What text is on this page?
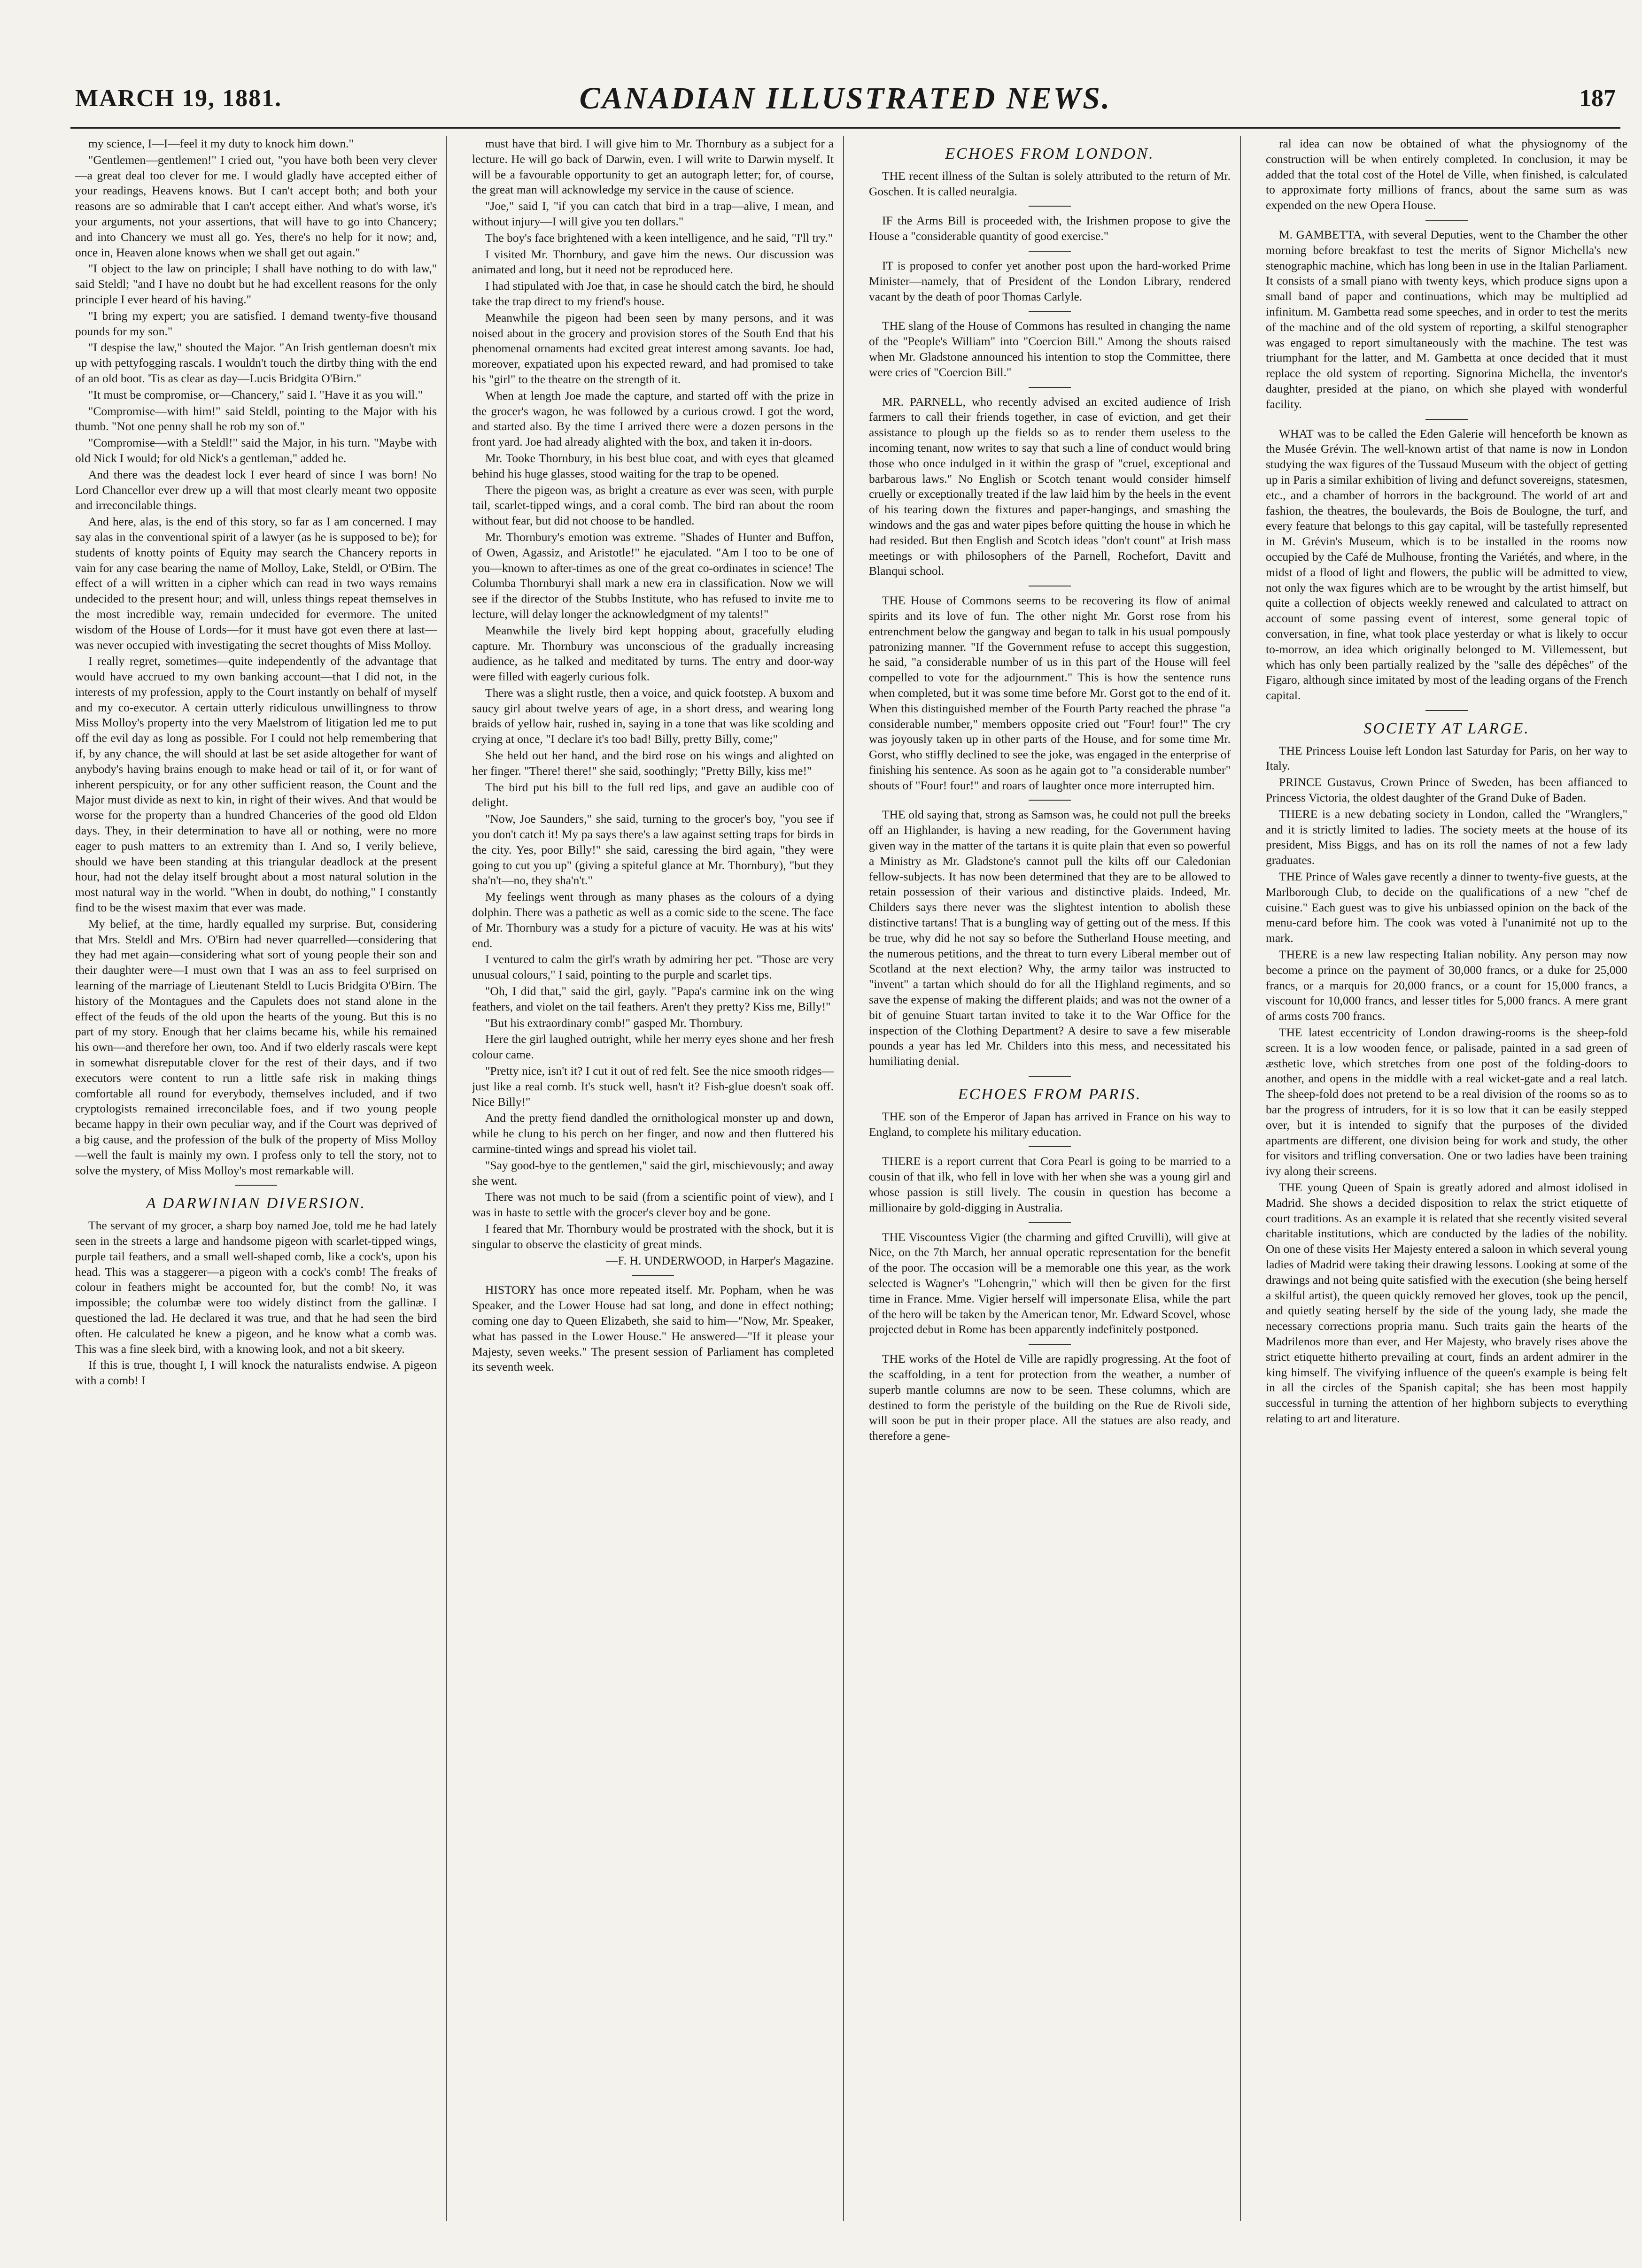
MARCH 19, 1881.	CANADIAN ILLUSTRATED NEWS.	187

my science, I—I—feel it my duty to knock him down."

"Gentlemen—gentlemen!" I cried out, "you have both been very clever—a great deal too clever for me. I would gladly have accepted either of your readings, Heavens knows. But I can't accept both; and both your reasons are so admirable that I can't accept either. And what's worse, it's your arguments, not your assertions, that will have to go into Chancery; and into Chancery we must all go. Yes, there's no help for it now; and, once in, Heaven alone knows when we shall get out again."

"I object to the law on principle; I shall have nothing to do with law," said Steldl; "and I have no doubt but he had excellent reasons for the only principle I ever heard of his having."

"I bring my expert; you are satisfied. I demand twenty-five thousand pounds for my son."

"I despise the law," shouted the Major. "An Irish gentleman doesn't mix up with pettyfogging rascals. I wouldn't touch the dirtby thing with the end of an old boot. 'Tis as clear as day—Lucis Bridgita O'Birn."

"It must be compromise, or—Chancery," said I. "Have it as you will."

"Compromise—with him!" said Steldl, pointing to the Major with his thumb. "Not one penny shall he rob my son of."

"Compromise—with a Steldl!" said the Major, in his turn. "Maybe with old Nick I would; for old Nick's a gentleman," added he.

And there was the deadest lock I ever heard of since I was born! No Lord Chancellor ever drew up a will that most clearly meant two opposite and irreconcilable things.

And here, alas, is the end of this story, so far as I am concerned. I may say alas in the conventional spirit of a lawyer (as he is supposed to be); for students of knotty points of Equity may search the Chancery reports in vain for any case bearing the name of Molloy, Lake, Steldl, or O'Birn. The effect of a will written in a cipher which can read in two ways remains undecided to the present hour; and will, unless things repeat themselves in the most incredible way, remain undecided for evermore. The united wisdom of the House of Lords—for it must have got even there at last—was never occupied with investigating the secret thoughts of Miss Molloy.

I really regret, sometimes—quite independently of the advantage that would have accrued to my own banking account—that I did not, in the interests of my profession, apply to the Court instantly on behalf of myself and my co-executor. A certain utterly ridiculous unwillingness to throw Miss Molloy's property into the very Maelstrom of litigation led me to put off the evil day as long as possible. For I could not help remembering that if, by any chance, the will should at last be set aside altogether for want of anybody's having brains enough to make head or tail of it, or for want of inherent perspicuity, or for any other sufficient reason, the Count and the Major must divide as next to kin, in right of their wives. And that would be worse for the property than a hundred Chanceries of the good old Eldon days. They, in their determination to have all or nothing, were no more eager to push matters to an extremity than I. And so, I verily believe, should we have been standing at this triangular deadlock at the present hour, had not the delay itself brought about a most natural solution in the most natural way in the world. "When in doubt, do nothing," I constantly find to be the wisest maxim that ever was made.

My belief, at the time, hardly equalled my surprise. But, considering that Mrs. Steldl and Mrs. O'Birn had never quarrelled—considering that they had met again—considering what sort of young people their son and their daughter were—I must own that I was an ass to feel surprised on learning of the marriage of Lieutenant Steldl to Lucis Bridgita O'Birn. The history of the Montagues and the Capulets does not stand alone in the effect of the feuds of the old upon the hearts of the young. But this is no part of my story. Enough that her claims became his, while his remained his own—and therefore her own, too. And if two elderly rascals were kept in somewhat disreputable clover for the rest of their days, and if two executors were content to run a little safe risk in making things comfortable all round for everybody, themselves included, and if two cryptologists remained irreconcilable foes, and if two young people became happy in their own peculiar way, and if the Court was deprived of a big cause, and the profession of the bulk of the property of Miss Molloy—well the fault is mainly my own. I profess only to tell the story, not to solve the mystery, of Miss Molloy's most remarkable will.

A DARWINIAN DIVERSION.

The servant of my grocer, a sharp boy named Joe, told me he had lately seen in the streets a large and handsome pigeon with scarlet-tipped wings, purple tail feathers, and a small well-shaped comb, like a cock's, upon his head. This was a staggerer—a pigeon with a cock's comb! The freaks of colour in feathers might be accounted for, but the comb! No, it was impossible; the columbæ were too widely distinct from the gallinæ. I questioned the lad. He declared it was true, and that he had seen the bird often. He calculated he knew a pigeon, and he know what a comb was. This was a fine sleek bird, with a knowing look, and not a bit skeery.

If this is true, thought I, I will knock the naturalists endwise. A pigeon with a comb! I

must have that bird. I will give him to Mr. Thornbury as a subject for a lecture. He will go back of Darwin, even. I will write to Darwin myself. It will be a favourable opportunity to get an autograph letter; for, of course, the great man will acknowledge my service in the cause of science.

"Joe," said I, "if you can catch that bird in a trap—alive, I mean, and without injury—I will give you ten dollars."

The boy's face brightened with a keen intelligence, and he said, "I'll try."

I visited Mr. Thornbury, and gave him the news. Our discussion was animated and long, but it need not be reproduced here.

I had stipulated with Joe that, in case he should catch the bird, he should take the trap direct to my friend's house.

Meanwhile the pigeon had been seen by many persons, and it was noised about in the grocery and provision stores of the South End that his phenomenal ornaments had excited great interest among savants. Joe had, moreover, expatiated upon his expected reward, and had promised to take his "girl" to the theatre on the strength of it.

When at length Joe made the capture, and started off with the prize in the grocer's wagon, he was followed by a curious crowd. I got the word, and started also. By the time I arrived there were a dozen persons in the front yard. Joe had already alighted with the box, and taken it in-doors.

Mr. Tooke Thornbury, in his best blue coat, and with eyes that gleamed behind his huge glasses, stood waiting for the trap to be opened.

There the pigeon was, as bright a creature as ever was seen, with purple tail, scarlet-tipped wings, and a coral comb. The bird ran about the room without fear, but did not choose to be handled.

Mr. Thornbury's emotion was extreme. "Shades of Hunter and Buffon, of Owen, Agassiz, and Aristotle!" he ejaculated. "Am I too to be one of you—known to after-times as one of the great co-ordinates in science! The Columba Thornburyi shall mark a new era in classification. Now we will see if the director of the Stubbs Institute, who has refused to invite me to lecture, will delay longer the acknowledgment of my talents!"

Meanwhile the lively bird kept hopping about, gracefully eluding capture. Mr. Thornbury was unconscious of the gradually increasing audience, as he talked and meditated by turns. The entry and door-way were filled with eagerly curious folk.

There was a slight rustle, then a voice, and quick footstep. A buxom and saucy girl about twelve years of age, in a short dress, and wearing long braids of yellow hair, rushed in, saying in a tone that was like scolding and crying at once, "I declare it's too bad! Billy, pretty Billy, come;"

She held out her hand, and the bird rose on his wings and alighted on her finger. "There! there!" she said, soothingly; "Pretty Billy, kiss me!"

The bird put his bill to the full red lips, and gave an audible coo of delight.

"Now, Joe Saunders," she said, turning to the grocer's boy, "you see if you don't catch it! My pa says there's a law against setting traps for birds in the city. Yes, poor Billy!" she said, caressing the bird again, "they were going to cut you up" (giving a spiteful glance at Mr. Thornbury), "but they sha'n't—no, they sha'n't."

My feelings went through as many phases as the colours of a dying dolphin. There was a pathetic as well as a comic side to the scene. The face of Mr. Thornbury was a study for a picture of vacuity. He was at his wits' end.

I ventured to calm the girl's wrath by admiring her pet. "Those are very unusual colours," I said, pointing to the purple and scarlet tips.

"Oh, I did that," said the girl, gayly. "Papa's carmine ink on the wing feathers, and violet on the tail feathers. Aren't they pretty? Kiss me, Billy!"

"But his extraordinary comb!" gasped Mr. Thornbury.

Here the girl laughed outright, while her merry eyes shone and her fresh colour came.

"Pretty nice, isn't it? I cut it out of red felt. See the nice smooth ridges—just like a real comb. It's stuck well, hasn't it? Fish-glue doesn't soak off. Nice Billy!"

And the pretty fiend dandled the ornithological monster up and down, while he clung to his perch on her finger, and now and then fluttered his carmine-tinted wings and spread his violet tail.

"Say good-bye to the gentlemen," said the girl, mischievously; and away she went.

There was not much to be said (from a scientific point of view), and I was in haste to settle with the grocer's clever boy and be gone.

I feared that Mr. Thornbury would be prostrated with the shock, but it is singular to observe the elasticity of great minds.

—F. H. UNDERWOOD, in Harper's Magazine.

HISTORY has once more repeated itself. Mr. Popham, when he was Speaker, and the Lower House had sat long, and done in effect nothing; coming one day to Queen Elizabeth, she said to him—"Now, Mr. Speaker, what has passed in the Lower House." He answered—"If it please your Majesty, seven weeks." The present session of Parliament has completed its seventh week.

ECHOES FROM LONDON.

THE recent illness of the Sultan is solely attributed to the return of Mr. Goschen. It is called neuralgia.

IF the Arms Bill is proceeded with, the Irishmen propose to give the House a "considerable quantity of good exercise."

IT is proposed to confer yet another post upon the hard-worked Prime Minister—namely, that of President of the London Library, rendered vacant by the death of poor Thomas Carlyle.

THE slang of the House of Commons has resulted in changing the name of the "People's William" into "Coercion Bill." Among the shouts raised when Mr. Gladstone announced his intention to stop the Committee, there were cries of "Coercion Bill."

MR. PARNELL, who recently advised an excited audience of Irish farmers to call their friends together, in case of eviction, and get their assistance to plough up the fields so as to render them useless to the incoming tenant, now writes to say that such a line of conduct would bring those who once indulged in it within the grasp of "cruel, exceptional and barbarous laws." No English or Scotch tenant would consider himself cruelly or exceptionally treated if the law laid him by the heels in the event of his tearing down the fixtures and paper-hangings, and smashing the windows and the gas and water pipes before quitting the house in which he had resided. But then English and Scotch ideas "don't count" at Irish mass meetings or with philosophers of the Parnell, Rochefort, Davitt and Blanqui school.

THE House of Commons seems to be recovering its flow of animal spirits and its love of fun. The other night Mr. Gorst rose from his entrenchment below the gangway and began to talk in his usual pompously patronizing manner. "If the Government refuse to accept this suggestion, he said, "a considerable number of us in this part of the House will feel compelled to vote for the adjournment." This is how the sentence runs when completed, but it was some time before Mr. Gorst got to the end of it. When this distinguished member of the Fourth Party reached the phrase "a considerable number," members opposite cried out "Four! four!" The cry was joyously taken up in other parts of the House, and for some time Mr. Gorst, who stiffly declined to see the joke, was engaged in the enterprise of finishing his sentence. As soon as he again got to "a considerable number" shouts of "Four! four!" and roars of laughter once more interrupted him.

THE old saying that, strong as Samson was, he could not pull the breeks off an Highlander, is having a new reading, for the Government having given way in the matter of the tartans it is quite plain that even so powerful a Ministry as Mr. Gladstone's cannot pull the kilts off our Caledonian fellow-subjects. It has now been determined that they are to be allowed to retain possession of their various and distinctive plaids. Indeed, Mr. Childers says there never was the slightest intention to abolish these distinctive tartans! That is a bungling way of getting out of the mess. If this be true, why did he not say so before the Sutherland House meeting, and the numerous petitions, and the threat to turn every Liberal member out of Scotland at the next election? Why, the army tailor was instructed to "invent" a tartan which should do for all the Highland regiments, and so save the expense of making the different plaids; and was not the owner of a bit of genuine Stuart tartan invited to take it to the War Office for the inspection of the Clothing Department? A desire to save a few miserable pounds a year has led Mr. Childers into this mess, and necessitated his humiliating denial.

ECHOES FROM PARIS.

THE son of the Emperor of Japan has arrived in France on his way to England, to complete his military education.

THERE is a report current that Cora Pearl is going to be married to a cousin of that ilk, who fell in love with her when she was a young girl and whose passion is still lively. The cousin in question has become a millionaire by gold-digging in Australia.

THE Viscountess Vigier (the charming and gifted Cruvilli), will give at Nice, on the 7th March, her annual operatic representation for the benefit of the poor. The occasion will be a memorable one this year, as the work selected is Wagner's "Lohengrin," which will then be given for the first time in France. Mme. Vigier herself will impersonate Elisa, while the part of the hero will be taken by the American tenor, Mr. Edward Scovel, whose projected debut in Rome has been apparently indefinitely postponed.

THE works of the Hotel de Ville are rapidly progressing. At the foot of the scaffolding, in a tent for protection from the weather, a number of superb mantle columns are now to be seen. These columns, which are destined to form the peristyle of the building on the Rue de Rivoli side, will soon be put in their proper place. All the statues are also ready, and therefore a gene-

ral idea can now be obtained of what the physiognomy of the construction will be when entirely completed. In conclusion, it may be added that the total cost of the Hotel de Ville, when finished, is calculated to approximate forty millions of francs, about the same sum as was expended on the new Opera House.

M. GAMBETTA, with several Deputies, went to the Chamber the other morning before breakfast to test the merits of Signor Michella's new stenographic machine, which has long been in use in the Italian Parliament. It consists of a small piano with twenty keys, which produce signs upon a small band of paper and continuations, which may be multiplied ad infinitum. M. Gambetta read some speeches, and in order to test the merits of the machine and of the old system of reporting, a skilful stenographer was engaged to report simultaneously with the machine. The test was triumphant for the latter, and M. Gambetta at once decided that it must replace the old system of reporting. Signorina Michella, the inventor's daughter, presided at the piano, on which she played with wonderful facility.

WHAT was to be called the Eden Galerie will henceforth be known as the Musée Grévin. The well-known artist of that name is now in London studying the wax figures of the Tussaud Museum with the object of getting up in Paris a similar exhibition of living and defunct sovereigns, statesmen, etc., and a chamber of horrors in the background. The world of art and fashion, the theatres, the boulevards, the Bois de Boulogne, the turf, and every feature that belongs to this gay capital, will be tastefully represented in M. Grévin's Museum, which is to be installed in the rooms now occupied by the Café de Mulhouse, fronting the Variétés, and where, in the midst of a flood of light and flowers, the public will be admitted to view, not only the wax figures which are to be wrought by the artist himself, but quite a collection of objects weekly renewed and calculated to attract on account of some passing event of interest, some general topic of conversation, in fine, what took place yesterday or what is likely to occur to-morrow, an idea which originally belonged to M. Villemessent, but which has only been partially realized by the "salle des dépêches" of the Figaro, although since imitated by most of the leading organs of the French capital.

SOCIETY AT LARGE.

THE Princess Louise left London last Saturday for Paris, on her way to Italy.

PRINCE Gustavus, Crown Prince of Sweden, has been affianced to Princess Victoria, the oldest daughter of the Grand Duke of Baden.

THERE is a new debating society in London, called the "Wranglers," and it is strictly limited to ladies. The society meets at the house of its president, Miss Biggs, and has on its roll the names of not a few lady graduates.

THE Prince of Wales gave recently a dinner to twenty-five guests, at the Marlborough Club, to decide on the qualifications of a new "chef de cuisine." Each guest was to give his unbiassed opinion on the back of the menu-card before him. The cook was voted à l'unanimité not up to the mark.

THERE is a new law respecting Italian nobility. Any person may now become a prince on the payment of 30,000 francs, or a duke for 25,000 francs, or a marquis for 20,000 francs, or a count for 15,000 francs, a viscount for 10,000 francs, and lesser titles for 5,000 francs. A mere grant of arms costs 700 francs.

THE latest eccentricity of London drawing-rooms is the sheep-fold screen. It is a low wooden fence, or palisade, painted in a sad green of æsthetic love, which stretches from one post of the folding-doors to another, and opens in the middle with a real wicket-gate and a real latch. The sheep-fold does not pretend to be a real division of the rooms so as to bar the progress of intruders, for it is so low that it can be easily stepped over, but it is intended to signify that the purposes of the divided apartments are different, one division being for work and study, the other for visitors and trifling conversation. One or two ladies have been training ivy along their screens.

THE young Queen of Spain is greatly adored and almost idolised in Madrid. She shows a decided disposition to relax the strict etiquette of court traditions. As an example it is related that she recently visited several charitable institutions, which are conducted by the ladies of the nobility. On one of these visits Her Majesty entered a saloon in which several young ladies of Madrid were taking their drawing lessons. Looking at some of the drawings and not being quite satisfied with the execution (she being herself a skilful artist), the queen quickly removed her gloves, took up the pencil, and quietly seating herself by the side of the young lady, she made the necessary corrections propria manu. Such traits gain the hearts of the Madrilenos more than ever, and Her Majesty, who bravely rises above the strict etiquette hitherto prevailing at court, finds an ardent admirer in the king himself. The vivifying influence of the queen's example is being felt in all the circles of the Spanish capital; she has been most happily successful in turning the attention of her highborn subjects to everything relating to art and literature.
